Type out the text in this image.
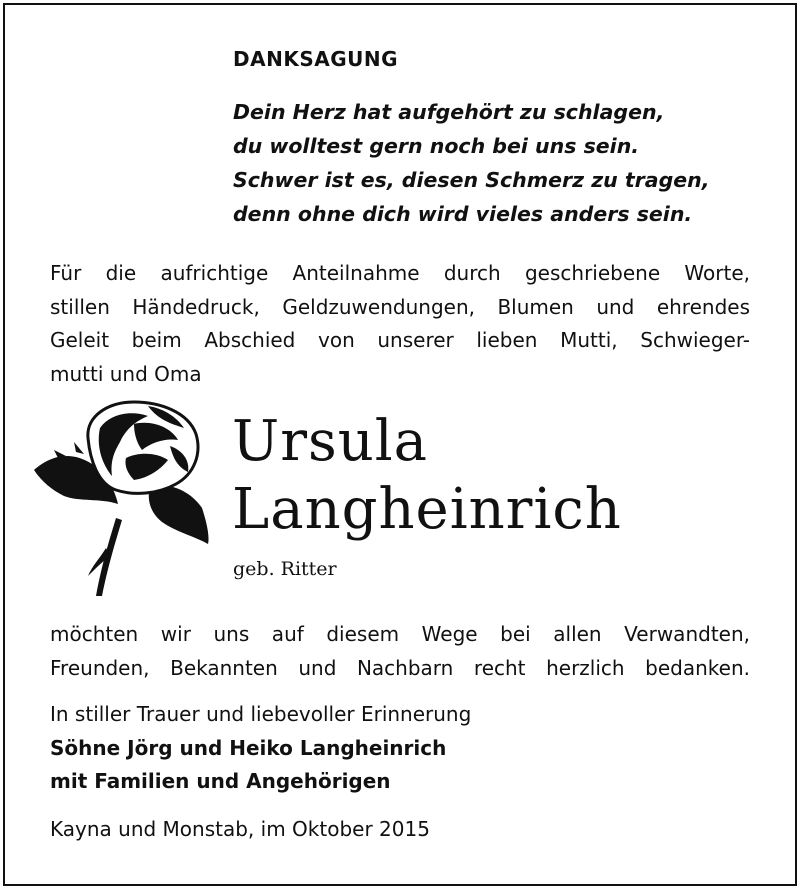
DANKSAGUNG
Dein Herz hat aufgehört zu schlagen,
du wolltest gern noch bei uns sein.
Schwer ist es, diesen Schmerz zu tragen,
denn ohne dich wird vieles anders sein.
Für die aufrichtige Anteilnahme durch geschriebene Worte,
stillen Händedruck, Geldzuwendungen, Blumen und ehrendes
Geleit beim Abschied von unserer lieben Mutti, Schwieger-
mutti und Oma
Ursula
Langheinrich
geb. Ritter
möchten wir uns auf diesem Wege bei allen Verwandten,
Freunden, Bekannten und Nachbarn recht herzlich bedanken.
In stiller Trauer und liebevoller Erinnerung
Söhne Jörg und Heiko Langheinrich
mit Familien und Angehörigen
Kayna und Monstab, im Oktober 2015
